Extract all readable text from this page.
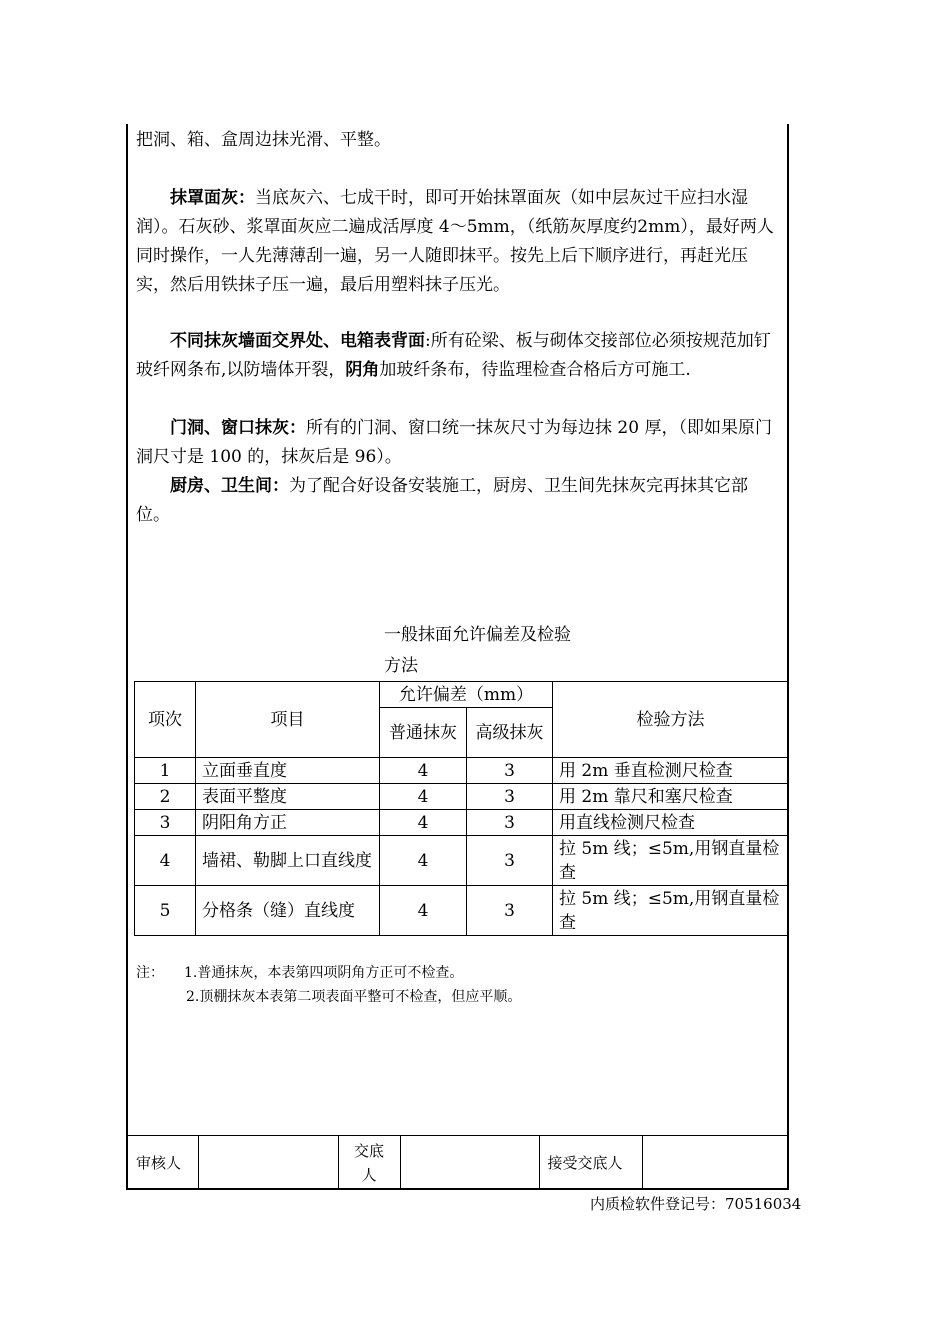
把洞、箱、盒周边抹光滑、平整。
抹罩面灰：当底灰六、七成干时，即可开始抹罩面灰（如中层灰过干应扫水湿润）。石灰砂、浆罩面灰应二遍成活厚度 4～5mm，（纸筋灰厚度约2mm），最好两人同时操作，一人先薄薄刮一遍，另一人随即抹平。按先上后下顺序进行，再赶光压实，然后用铁抹子压一遍，最后用塑料抹子压光。
不同抹灰墙面交界处、电箱表背面:所有砼梁、板与砌体交接部位必须按规范加钉玻纤网条布,以防墙体开裂，阴角加玻纤条布，待监理检查合格后方可施工.
门洞、窗口抹灰：所有的门洞、窗口统一抹灰尺寸为每边抹 20 厚，（即如果原门洞尺寸是 100 的，抹灰后是 96）。
厨房、卫生间：为了配合好设备安装施工，厨房、卫生间先抹灰完再抹其它部位。
一般抹面允许偏差及检验
方法
项次	项目	允许偏差（mm）		检验方法
		普通抹灰	高级抹灰	
1	立面垂直度	4	3	用 2m 垂直检测尺检查
2	表面平整度	4	3	用 2m 靠尺和塞尺检查
3	阴阳角方正	4	3	用直线检测尺检查
4	墙裙、勒脚上口直线度	4	3	拉 5m 线；≤5m,用钢直量检查
5	分格条（缝）直线度	4	3	拉 5m 线；≤5m,用钢直量检查
注： 1.普通抹灰，本表第四项阴角方正可不检查。
2.顶棚抹灰本表第二项表面平整可不检查，但应平顺。
审核人		交底人		接受交底人	
内质检软件登记号：70516034
